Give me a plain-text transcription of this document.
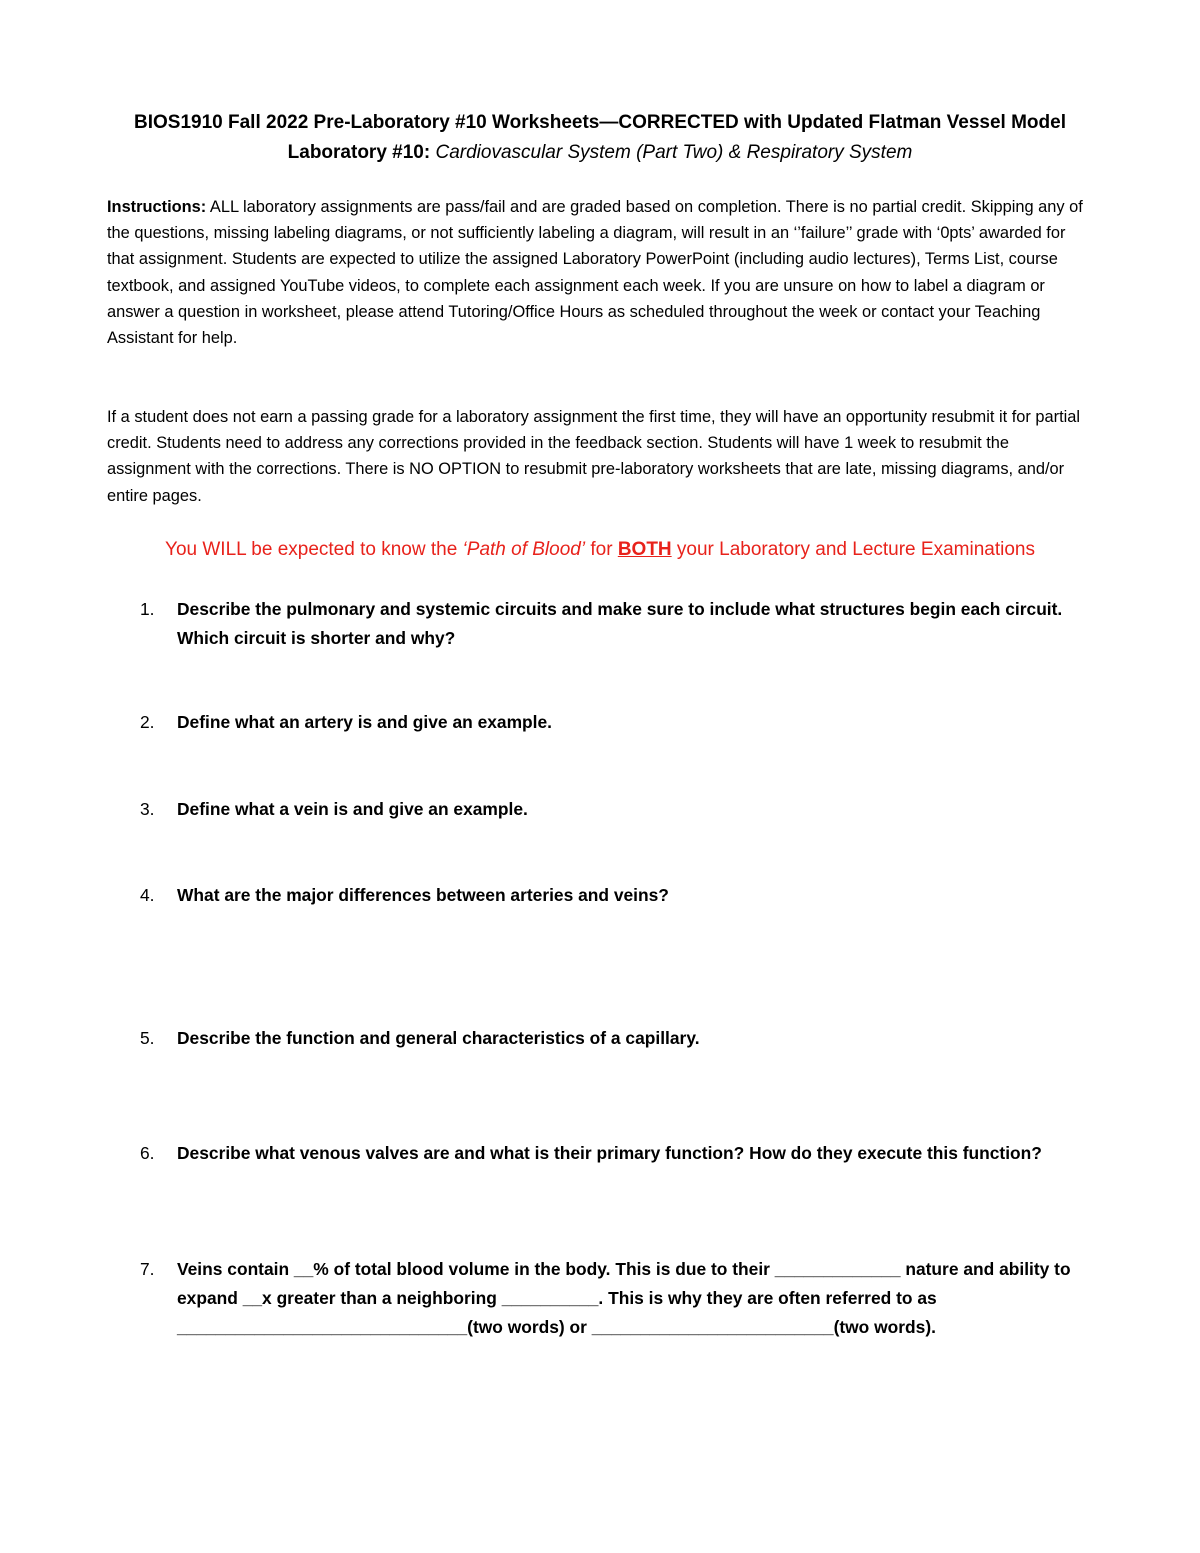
BIOS1910 Fall 2022 Pre-Laboratory #10 Worksheets—CORRECTED with Updated Flatman Vessel Model
Laboratory #10: Cardiovascular System (Part Two) & Respiratory System
Instructions: ALL laboratory assignments are pass/fail and are graded based on completion. There is no partial credit. Skipping any of the questions, missing labeling diagrams, or not sufficiently labeling a diagram, will result in an ‘’failure’’ grade with ‘0pts’ awarded for that assignment. Students are expected to utilize the assigned Laboratory PowerPoint (including audio lectures), Terms List, course textbook, and assigned YouTube videos, to complete each assignment each week. If you are unsure on how to label a diagram or answer a question in worksheet, please attend Tutoring/Office Hours as scheduled throughout the week or contact your Teaching Assistant for help.
If a student does not earn a passing grade for a laboratory assignment the first time, they will have an opportunity resubmit it for partial credit. Students need to address any corrections provided in the feedback section. Students will have 1 week to resubmit the assignment with the corrections. There is NO OPTION to resubmit pre-laboratory worksheets that are late, missing diagrams, and/or entire pages.
You WILL be expected to know the ‘Path of Blood’ for BOTH your Laboratory and Lecture Examinations
1.	Describe the pulmonary and systemic circuits and make sure to include what structures begin each circuit. Which circuit is shorter and why?
2.	Define what an artery is and give an example.
3.	Define what a vein is and give an example.
4.	What are the major differences between arteries and veins?
5.	Describe the function and general characteristics of a capillary.
6.	Describe what venous valves are and what is their primary function? How do they execute this function?
7.	Veins contain __% of total blood volume in the body. This is due to their _____________ nature and ability to expand __x greater than a neighboring __________. This is why they are often referred to as ______________________________(two words) or _________________________(two words).
